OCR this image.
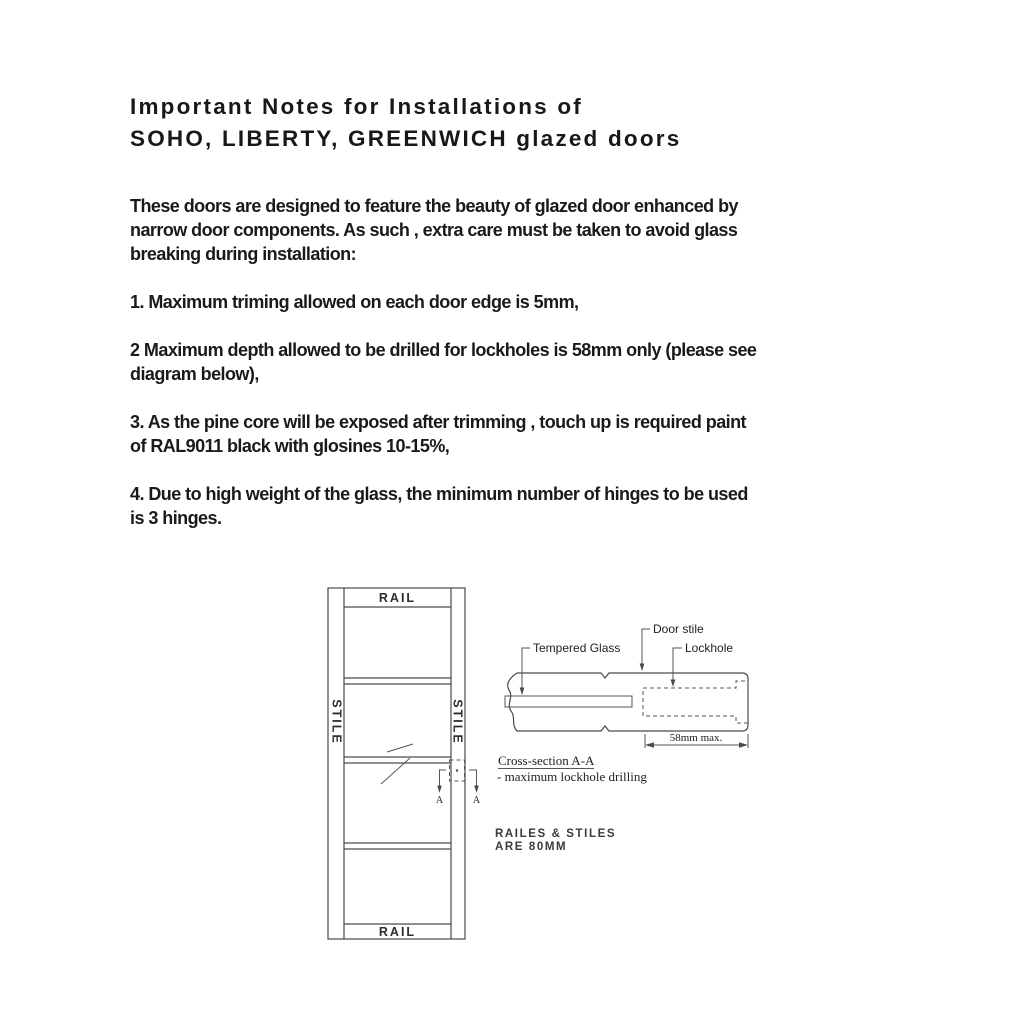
Important Notes for Installations of
SOHO, LIBERTY, GREENWICH glazed doors
These doors are designed to feature the beauty of glazed door enhanced by
narrow door components. As such , extra care must be taken to avoid glass
breaking during installation:
1. Maximum triming allowed on each door edge is 5mm,
2 Maximum depth allowed to be drilled for lockholes is 58mm only (please see
diagram below),
3. As the pine core will be exposed after trimming , touch up is required paint
of RAL9011 black with glosines 10-15%,
4. Due to high weight of the glass, the minimum number of hinges to be used
is 3 hinges.
A	A
RAIL
RAIL
STILE	STILE	58mm max.
Tempered Glass
Door stile
Lockhole
Cross-section A-A
- maximum lockhole drilling
RAILES & STILES
ARE 80MM
